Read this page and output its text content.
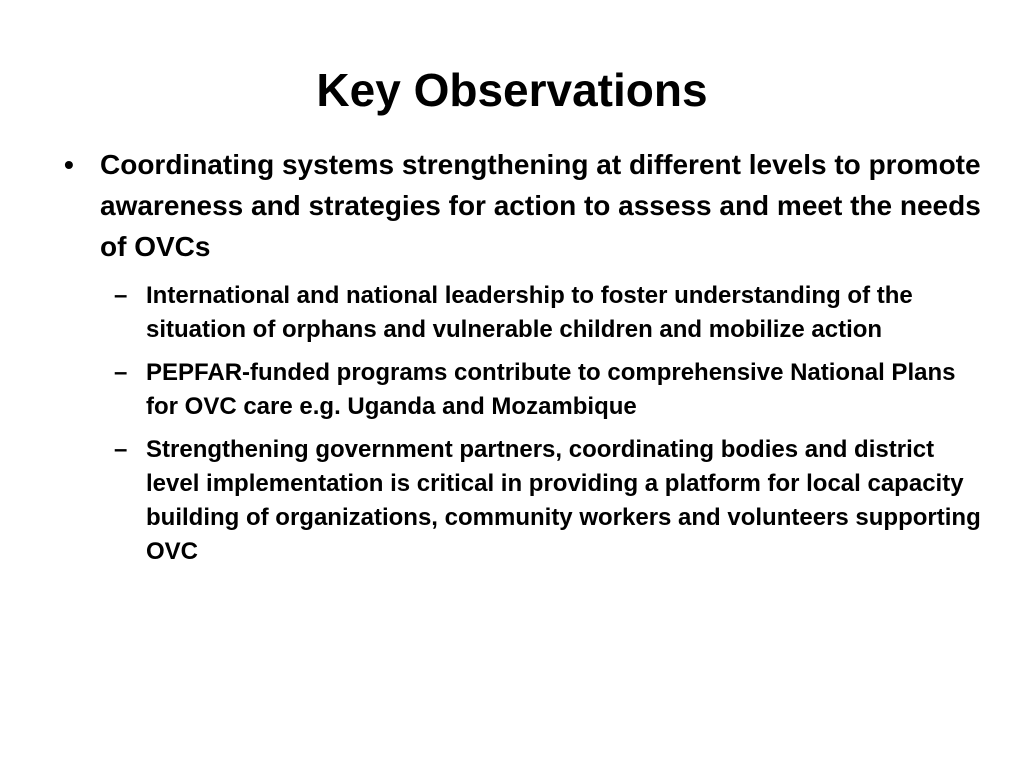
Key Observations
• Coordinating systems strengthening at different levels to promote awareness and strategies for action to assess and meet the needs of OVCs
– International and national leadership to foster understanding of the situation of orphans and vulnerable children and mobilize action
– PEPFAR-funded programs contribute to comprehensive National Plans for OVC care e.g. Uganda and Mozambique
– Strengthening government partners, coordinating bodies and district level implementation is critical in providing a platform for local capacity building of organizations, community workers and volunteers supporting OVC
